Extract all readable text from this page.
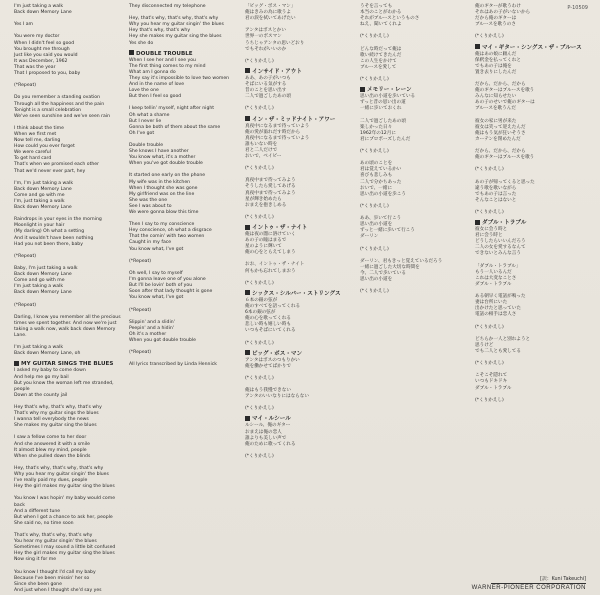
P-10509
I'm just taking a walk
Back down Memory Lane

Yes I am

You were my doctor
When I didn't feel so good
You brought me through
Just like you said you would
It was December, 1962
That was the year
That I proposed to you, baby

(*Repeat)

Do you remember a standing ovation
Through all the happiness and the pain
Tonight is a small celebration
We've seen sunshine and we've seen rain

I think about the time
When we first met
Now tell me, darling
How could you ever forget
We were careful
To get hard card
That's when we promised each other
That we'd never ever part, hey

I'm, I'm just taking a walk
Back down Memory Lane
Come and go with me
I'm, just taking a walk
Back down Memory Lane

Raindrops in your eyes in the morning
Moonlight in your hair
(My darling) Oh what a setting
And it wouldn't have been nothing
Had you not been there, baby

(*Repeat)

Baby, I'm just taking a walk
Back down Memory Lane
Come and go with me
I'm just taking a walk
Back down Memory Lane

(*Repeat)

Darling, I know you remember all the precious
times we spent together. And now we're just
taking a walk now, walk back down Memory
Lane.

I'm just taking a walk
Back down Memory Lane, oh
MY GUITAR SINGS THE BLUES
I asked my baby to come down
And help me go my bail
But you know the woman left me stranded,
people
Down at the county jail

Hey that's why, that's why, that's why
That's why my guitar sings the blues
I wanna tell everybody the news
She makes my guitar sing the blues

I saw a fellow come to her door
And she answered it with a smile
It almost blew my mind, people
When she pulled down the blinds

Hey, that's why, that's why, that's why
Why you hear my guitar singin' the blues
I've really paid my dues, people
Hey the girl makes my guitar sing the blues

You know I was hopin' my baby would come back
And a different tune
But when I got a chance to ask her, people
She said no, no time soon

That's why, that's why, that's why
You hear my guitar singin' the blues
Sometimes I may sound a little bit confused
Hey the girl makes my guitar sing the blues
Now sing it for me

You know I thought I'd call my baby
Because I've been missin' her so
Since she been gone
And just when I thought she'd say yes
They disconnected my telephone

Hey, that's why, that's why, that's why
Why you hear my guitar singin' the blues
Hey that's why, that's why
Hey she makes my guitar sing the blues
Yes she do
DOUBLE TROUBLE
When I see her and I see you
The first thing comes to my mind
What am I gonna do
They say it's impossible to love two women
And in the name of love
Love the one
But then I feel so good

I keep tellin' myself, night after night
Oh what a shame
But I never lie
Gonna be both of them about the same
Oh I've got

Double trouble
She knows I have another
You know what, it's a mother
When you've got double trouble

It started one early on the phone
My wife was in the kitchen
When I thought she was gone
My girlfriend was on the line
She was the one
See I was about to
We were gonna blow this time

Then I say to my conscience
Hey conscience, oh what a disgrace
That the comin' with two women
Caught in my face
You know what, I've got

(*Repeat)

Oh well, I say to myself
I'm gonna leave one of you alone
But I'll be lovin' both of you
Soon after that lady thought is gone
You know what, I've got

(*Repeat)

Slippin' and a slidin'
Peepin' and a hidin'
Oh it's a mother
When you got double trouble

(*Repeat)

All lyrics transcribed by Linda Hennick
「ビッグ・ボス・マン」
俺はきみの為に歌うよ
君の涙を拭いてあげたい

アンタはボスとかい
世界一のボスマン
うちじゃアンタの思いどおり
でもそれがいいのか

(*くりかえし)
インサイド・アウト
ああ、あの子がいつも
そばにいる気がする
昔のことを思い出す
二人で過ごしたあの頃

(*くりかえし)
イン・ザ・ミッドナイト・アワー
真夜中になるまで待っていよう
俺の愛が溢れだす時だから
真夜中になるまで待っていよう
誰もいない時を
君と二人だけで
おいで、ベイビー

(*くりかえし)

真夜中まで待ってみよう
そうしたら愛してあげる
真夜中まで待ってみよう
星が輝き始めたら
おまえを抱きしめる

(*くりかえし)
イントゥ・ザ・ナイト
俺は夜の闇に溶けていく
あの子の瞳はまるで
星のように輝いて
俺の心をとらえてしまう

おお、イントゥ・ザ・ナイト
何もかも忘れてしまおう

(*くりかえし)
シックス・シルバー・ストリングス
６本の銀の弦が
俺のすべてを語ってくれる
6本の銀の弦が
俺の心を歌ってくれる
悲しい時も嬉しい時も
いつもそばにいてくれる

(*くりかえし)
ビッグ・ボス・マン
アンタはボスのつもりかい
俺を働かせてばかりで

(*くりかえし)

俺はもう我慢できない
アンタのいいなりにはならない

(*くりかえし)
マイ・ルシール
ルシール、俺のギター
おまえは俺の恋人
誰よりも美しい声で
俺のために歌ってくれる

(*くりかえし)
うそを言っても
本当のことがわかる
それがブルースというものさ
ねえ、聞いてくれよ

(*くりかえし)

どんな時だって俺は
歌い続けてきたんだ
この人生をかけて
ブルースを愛して

(*くりかえし)
メモリー・レーン
思い出の小道を歩いている
ずっと昔の思い出の道
一緒に歩いておくれ

二人で過ごしたあの頃
楽しかった日々
1962年の12月に
君にプロポーズしたんだ

(*くりかえし)

あの頃のことを
君は覚えているかい
喜びも悲しみも
二人で分かちあった
おいで、一緒に
思い出の小道を歩こう

(*くりかえし)

ああ、歩いて行こう
思い出の小道を
ずっと一緒に歩いて行こう
ダーリン

(*くりかえし)

ダーリン、君もきっと覚えているだろう
一緒に過ごした大切な時間を
今、二人で歩いている
思い出の小道を

(*くりかえし)
俺のギターが歌うわけ
それはあの子がいないから
だから俺のギターは
ブルースを歌うのさ

(*くりかえし)
マイ・ギター・シングス・ザ・ブルース
俺はあの娘に頼んだ
保釈金を払ってくれと
でもあの子は俺を
置き去りにしたんだ

だから、だから、だから
俺のギターはブルースを歌う
みんなに知らせたい
あの子のせいで俺のギターは
ブルースを歌うんだ

彼女の家に男が来た
彼女は笑って迎えたんだ
俺はもう気が狂いそうさ
カーテンを閉めたんだ

だから、だから、だから
俺のギターはブルースを歌う

(*くりかえし)

あの子が帰ってくると思った
違う歌を歌いながら
でもあの子は言った
そんなことはないと

(*くりかえし)
ダブル・トラブル
彼女に会う時と
君に会う時と
どうしたらいいんだろう
二人の女を愛するなんて
できないとみんな言う

「ダブル・トラブル」
もう一人いるんだ
これは大変なことさ
ダブル・トラブル

ある朝早く電話が鳴った
妻は台所にいた
出かけたと思っていた
電話の相手は恋人さ

(*くりかえし)

どちらか一人と別れようと
思うけど
でも二人とも愛してる

(*くりかえし)

こそこそ隠れて
いつもドキドキ
ダブル・トラブル

(*くりかえし)
[訳：Kuni Takeuchi]
WARNER-PIONEER CORPORATION
